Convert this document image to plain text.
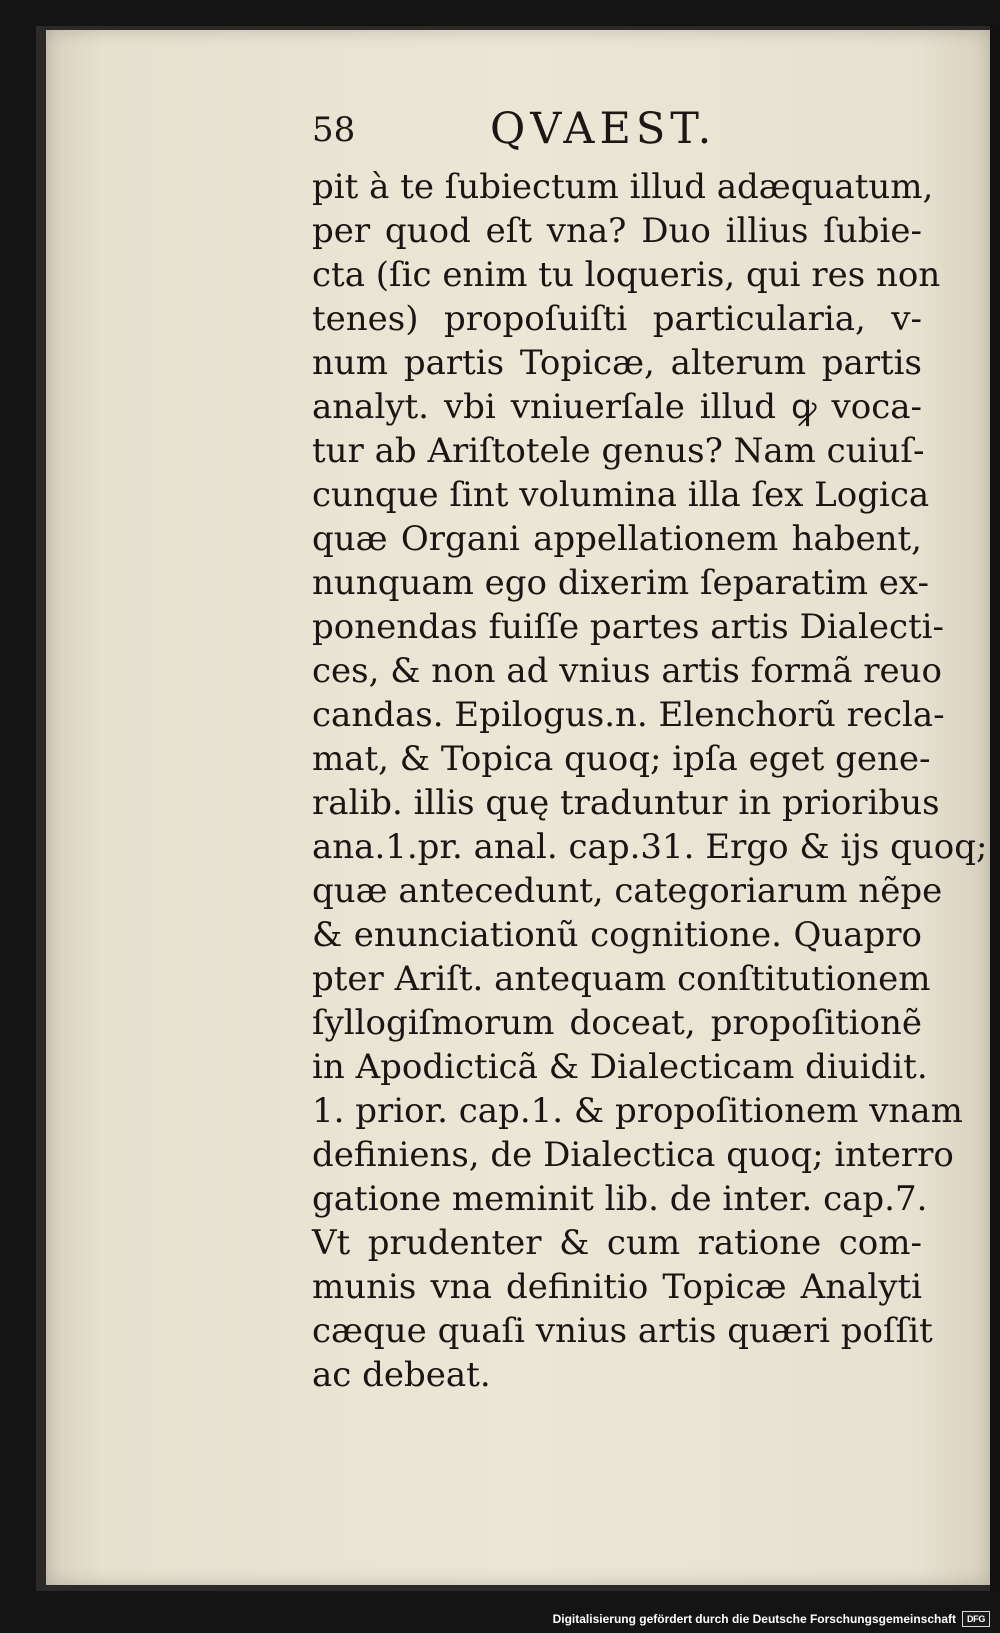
58	QVAEST.
pit à te ſubiectum illud adæquatum,
per quod eſt vna? Duo illius ſubie-
cta (ſic enim tu loqueris, qui res non
tenes) propoſuiſti particularia, v-
num partis Topicæ, alterum partis
analyt. vbi vniuerſale illud ꝙ voca-
tur ab Ariſtotele genus? Nam cuiuſ-
cunque ſint volumina illa ſex Logica
quæ Organi appellationem habent,
nunquam ego dixerim ſeparatim ex-
ponendas fuiſſe partes artis Dialecti-
ces, & non ad vnius artis formã reuo
candas. Epilogus.n. Elenchorũ recla-
mat, & Topica quoq; ipſa eget gene-
ralib. illis quę traduntur in prioribus
ana.1.pr. anal. cap.31. Ergo & ijs quoq;
quæ antecedunt, categoriarum nẽpe
& enunciationũ cognitione. Quapro
pter Ariſt. antequam conſtitutionem
ſyllogiſmorum doceat, propoſitionẽ
in Apodicticã & Dialecticam diuidit.
1. prior. cap.1. & propoſitionem vnam
definiens, de Dialectica quoq; interro
gatione meminit lib. de inter. cap.7.
Vt prudenter & cum ratione com-
munis vna definitio Topicæ Analyti
cæque quaſi vnius artis quæri poſſit
ac debeat.
Digitalisierung gefördert durch die Deutsche Forschungsgemeinschaft	DFG
